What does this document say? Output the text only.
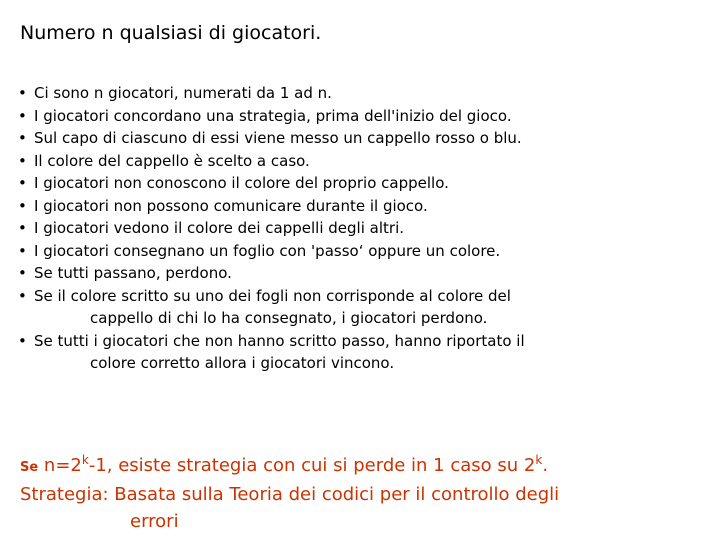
Numero n qualsiasi di giocatori.
• Ci sono n giocatori, numerati da 1 ad n.
• I giocatori concordano una strategia, prima dell'inizio del gioco.
• Sul capo di ciascuno di essi viene messo un cappello rosso o blu.
• Il colore del cappello è scelto a caso.
• I giocatori non conoscono il colore del proprio cappello.
• I giocatori non possono comunicare durante il gioco.
• I giocatori vedono il colore dei cappelli degli altri.
• I giocatori consegnano un foglio con 'passo‘ oppure un colore.
• Se tutti passano, perdono.
• Se il colore scritto su uno dei fogli non corrisponde al colore del
cappello di chi lo ha consegnato, i giocatori perdono.
• Se tutti i giocatori che non hanno scritto passo, hanno riportato il
colore corretto allora i giocatori vincono.
Se $n=2^k-1$, esiste strategia con cui si perde in 1 caso su 2$^k$.
Strategia: Basata sulla Teoria dei codici per il controllo degli
errori
